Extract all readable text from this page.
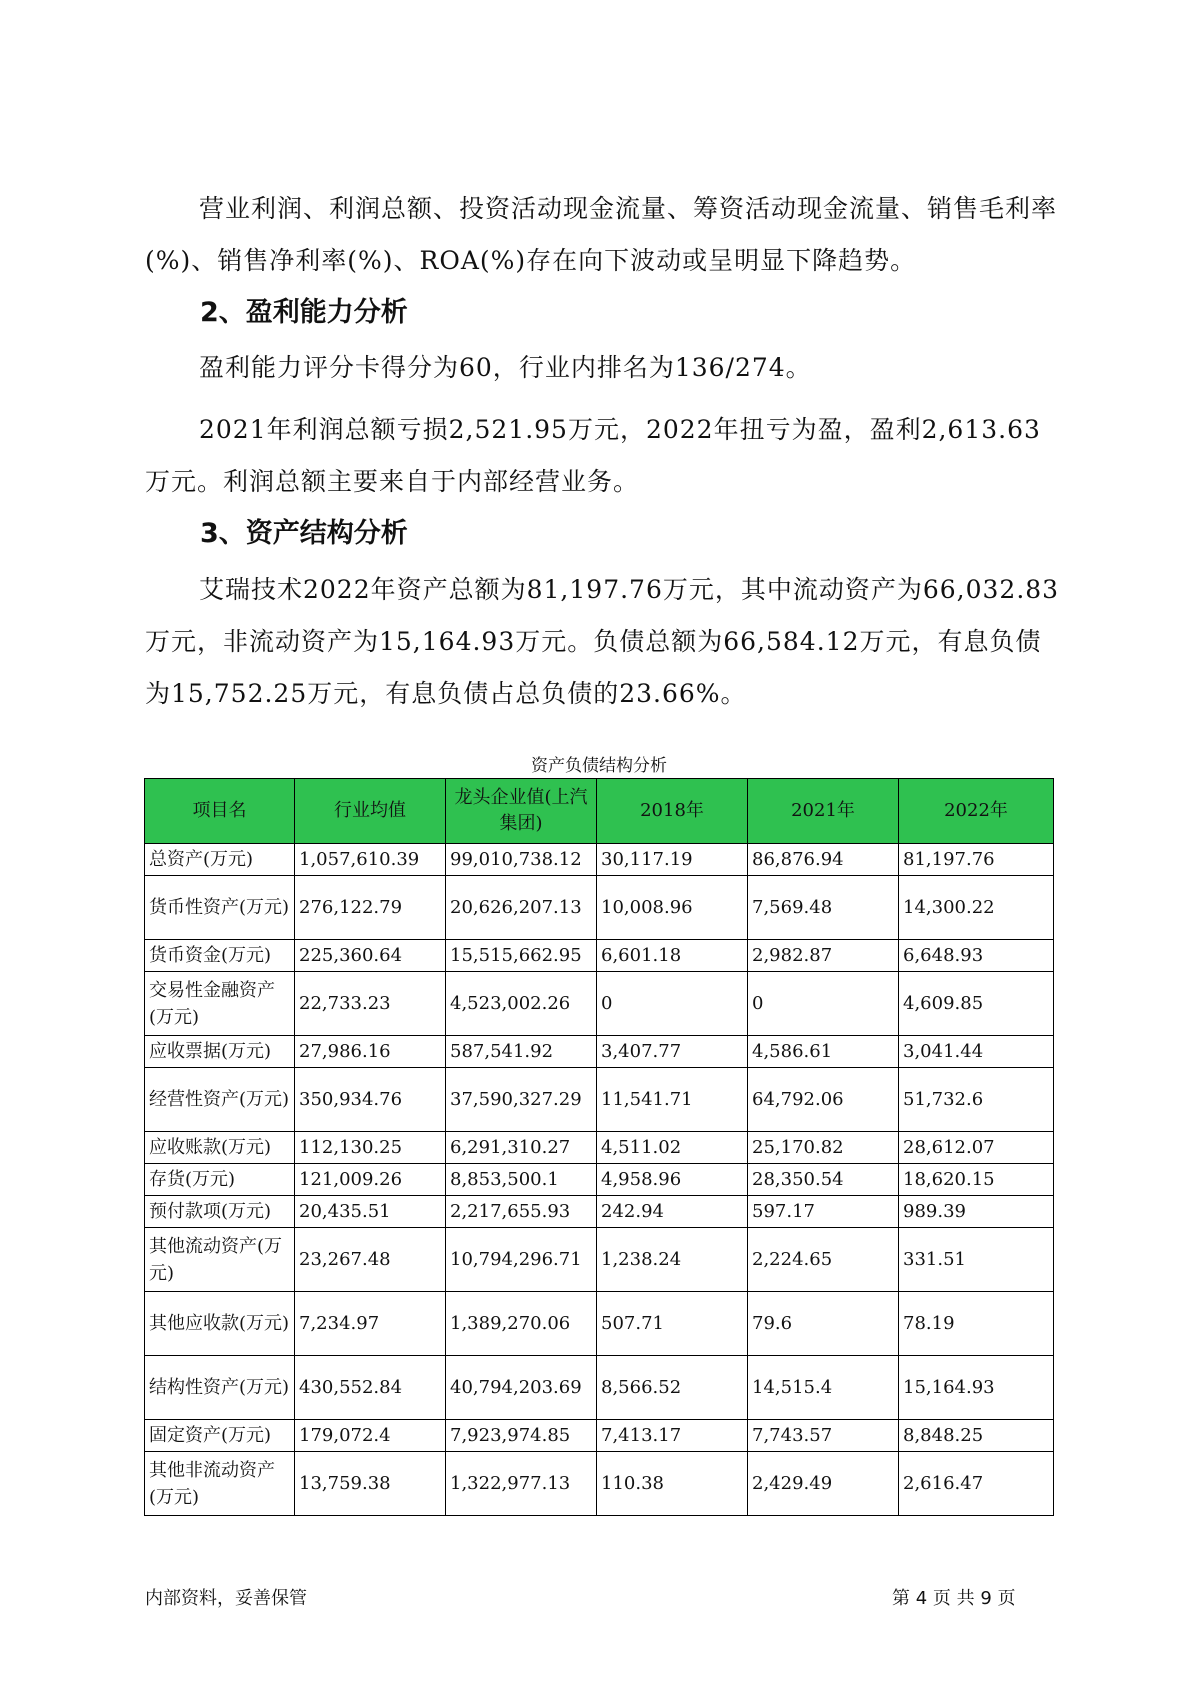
营业利润、利润总额、投资活动现金流量、筹资活动现金流量、销售毛利率(%)、销售净利率(%)、ROA(%)存在向下波动或呈明显下降趋势。

2、盈利能力分析

盈利能力评分卡得分为60，行业内排名为136/274。

2021年利润总额亏损2,521.95万元，2022年扭亏为盈，盈利2,613.63万元。利润总额主要来自于内部经营业务。

3、资产结构分析

艾瑞技术2022年资产总额为81,197.76万元，其中流动资产为66,032.83万元，非流动资产为15,164.93万元。负债总额为66,584.12万元，有息负债为15,752.25万元，有息负债占总负债的23.66%。

资产负债结构分析

项目名	行业均值	龙头企业值(上汽集团)	2018年	2021年	2022年
总资产(万元)	1,057,610.39	99,010,738.12	30,117.19	86,876.94	81,197.76
货币性资产(万元)	276,122.79	20,626,207.13	10,008.96	7,569.48	14,300.22
货币资金(万元)	225,360.64	15,515,662.95	6,601.18	2,982.87	6,648.93
交易性金融资产(万元)	22,733.23	4,523,002.26	0	0	4,609.85
应收票据(万元)	27,986.16	587,541.92	3,407.77	4,586.61	3,041.44
经营性资产(万元)	350,934.76	37,590,327.29	11,541.71	64,792.06	51,732.6
应收账款(万元)	112,130.25	6,291,310.27	4,511.02	25,170.82	28,612.07
存货(万元)	121,009.26	8,853,500.1	4,958.96	28,350.54	18,620.15
预付款项(万元)	20,435.51	2,217,655.93	242.94	597.17	989.39
其他流动资产(万元)	23,267.48	10,794,296.71	1,238.24	2,224.65	331.51
其他应收款(万元)	7,234.97	1,389,270.06	507.71	79.6	78.19
结构性资产(万元)	430,552.84	40,794,203.69	8,566.52	14,515.4	15,164.93
固定资产(万元)	179,072.4	7,923,974.85	7,413.17	7,743.57	8,848.25
其他非流动资产(万元)	13,759.38	1,322,977.13	110.38	2,429.49	2,616.47
内部资料，妥善保管	第 4 页 共 9 页
